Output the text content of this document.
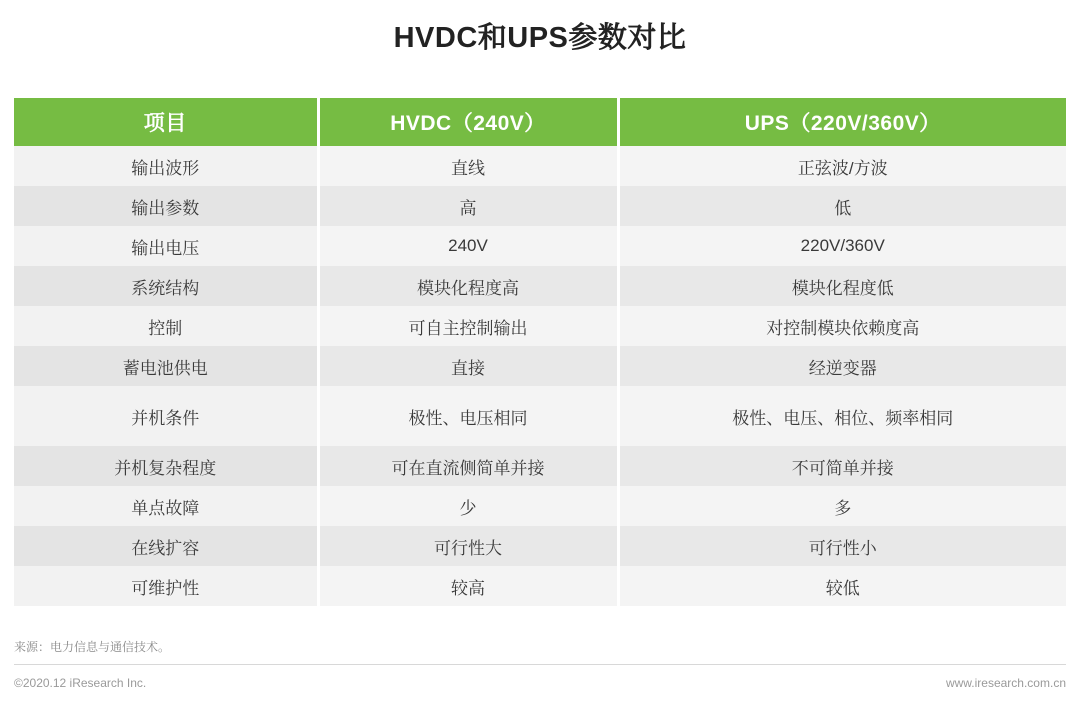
HVDC和UPS参数对比
项目	HVDC（240V）	UPS（220V/360V）
输出波形	直线	正弦波/方波
输出参数	高	低
输出电压	240V	220V/360V
系统结构	模块化程度高	模块化程度低
控制	可自主控制输出	对控制模块依赖度高
蓄电池供电	直接	经逆变器
并机条件	极性、电压相同	极性、电压、相位、频率相同
并机复杂程度	可在直流侧简单并接	不可简单并接
单点故障	少	多
在线扩容	可行性大	可行性小
可维护性	较高	较低
来源：电力信息与通信技术。
©2020.12 iResearch Inc.	www.iresearch.com.cn
